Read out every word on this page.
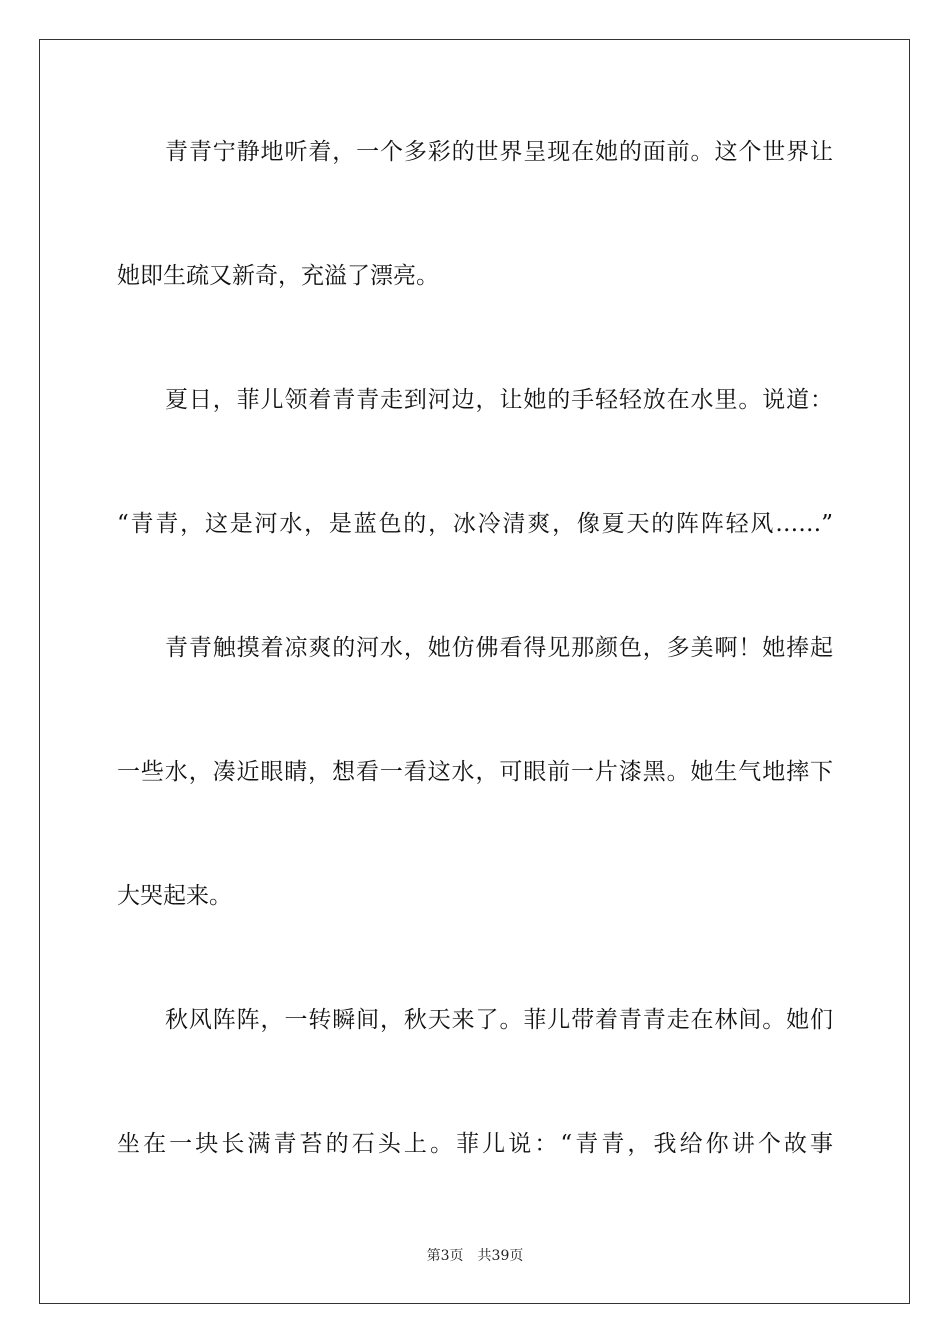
青青宁静地听着，一个多彩的世界呈现在她的面前。这个世界让
她即生疏又新奇，充溢了漂亮。
夏日，菲儿领着青青走到河边，让她的手轻轻放在水里。说道：
“青青，这是河水，是蓝色的，冰冷清爽，像夏天的阵阵轻风……”
青青触摸着凉爽的河水，她仿佛看得见那颜色，多美啊！她捧起
一些水，凑近眼睛，想看一看这水，可眼前一片漆黑。她生气地摔下
大哭起来。
秋风阵阵，一转瞬间，秋天来了。菲儿带着青青走在林间。她们
坐在一块长满青苔的石头上。菲儿说：“青青，我给你讲个故事
第3页 共39页
